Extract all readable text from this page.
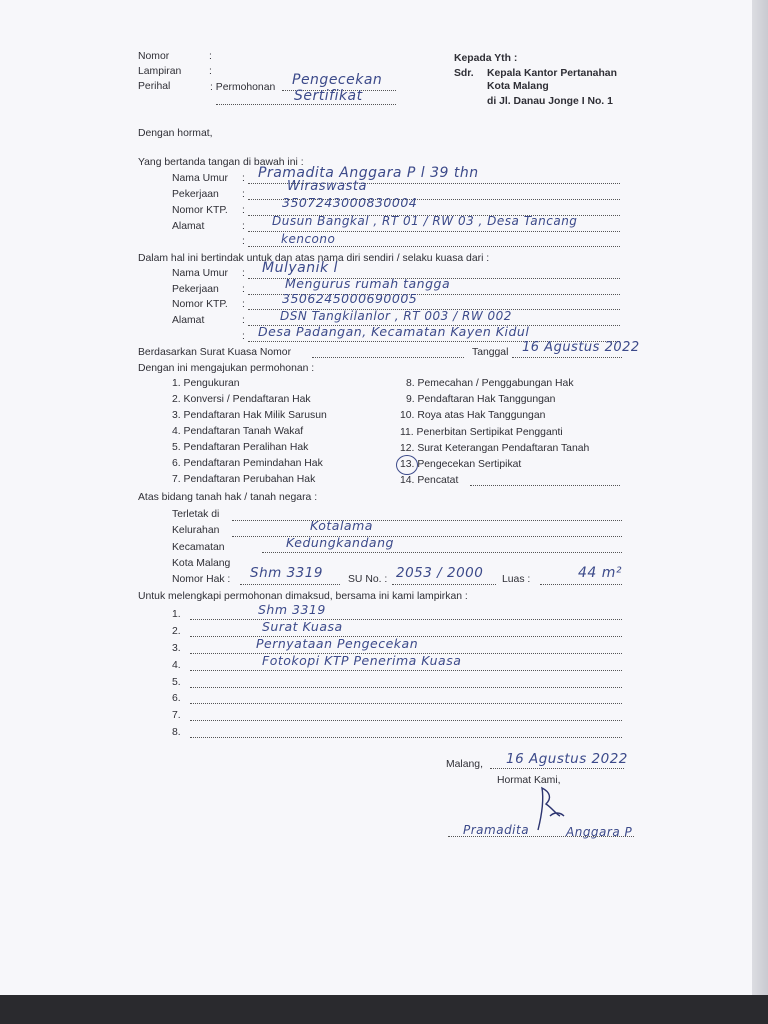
Nomor	:
Lampiran	:
Perihal	: Permohonan Pengecekan
Sertifikat
Kepada Yth :
Sdr. Kepala Kantor Pertanahan
Kota Malang
di Jl. Danau Jonge I No. 1
Dengan hormat,
Yang bertanda tangan di bawah ini :
Nama Umur : Pramadita Anggara P l 39 thn
Pekerjaan :
Wiraswasta
Nomor KTP. :
3507243000830004
Alamat	: Dusun Bangkal , RT 01 / RW 03 , Desa Tancang
:	kencono
Dalam hal ini bertindak untuk dan atas nama diri sendiri / selaku kuasa dari :
Nama Umur : Mulyanik l
Pekerjaan :	Mengurus rumah tangga
Nomor KTP. :	3506245000690005
Alamat	:	DSN Tangkilanlor , RT 003 / RW 002
: Desa Padangan, Kecamatan Kayen Kidul
Berdasarkan Surat Kuasa Nomor	Tanggal 16 Agustus 2022
Dengan ini mengajukan permohonan :
1. Pengukuran
2. Konversi / Pendaftaran Hak
3. Pendaftaran Hak Milik Sarusun
4. Pendaftaran Tanah Wakaf
5. Pendaftaran Peralihan Hak
6. Pendaftaran Pemindahan Hak
7. Pendaftaran Perubahan Hak
8. Pemecahan / Penggabungan Hak
9. Pendaftaran Hak Tanggungan
10. Roya atas Hak Tanggungan
11. Penerbitan Sertipikat Pengganti
12. Surat Keterangan Pendaftaran Tanah
13. Pengecekan Sertipikat
14. Pencatat
Atas bidang tanah hak / tanah negara :
Terletak di
Kelurahan	Kotalama
Kecamatan	Kedungkandang
Kota Malang
Nomor Hak : Shm 3319 SU No. : 2053 / 2000 Luas :	44 m²
Untuk melengkapi permohonan dimaksud, bersama ini kami lampirkan :
1.	Shm 3319
2.	Surat Kuasa
3.	Pernyataan Pengecekan
4.	Fotokopi KTP Penerima Kuasa
5.
6.
7.
8.
Malang, 16 Agustus 2022
Hormat Kami,
Pramadita	Anggara P
